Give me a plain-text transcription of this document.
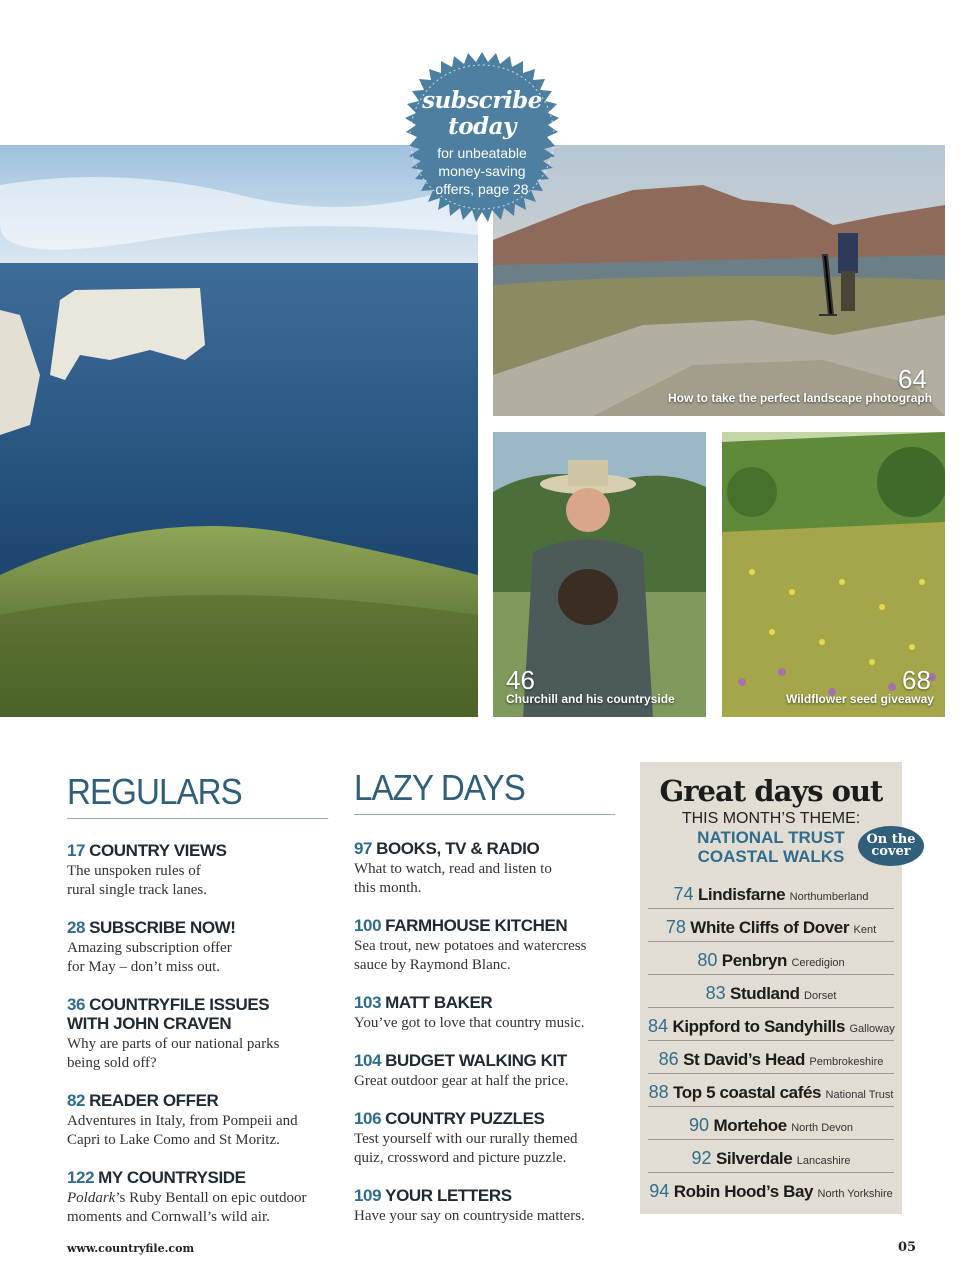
64
How to take the perfect landscape photograph
46
Churchill and his countryside
68
Wildflower seed giveaway
subscribe
today
for unbeatable
money-saving
offers, page 28
REGULARS
17 COUNTRY VIEWS
The unspoken rules of
rural single track lanes.
28 SUBSCRIBE NOW!
Amazing subscription offer
for May – don’t miss out.
36 COUNTRYFILE ISSUES
WITH JOHN CRAVEN
Why are parts of our national parks
being sold off?
82 READER OFFER
Adventures in Italy, from Pompeii and
Capri to Lake Como and St Moritz.
122 MY COUNTRYSIDE
Poldark’s Ruby Bentall on epic outdoor
moments and Cornwall’s wild air.
LAZY DAYS
97 BOOKS, TV & RADIO
What to watch, read and listen to
this month.
100 FARMHOUSE KITCHEN
Sea trout, new potatoes and watercress
sauce by Raymond Blanc.
103 MATT BAKER
You’ve got to love that country music.
104 BUDGET WALKING KIT
Great outdoor gear at half the price.
106 COUNTRY PUZZLES
Test yourself with our rurally themed
quiz, crossword and picture puzzle.
109 YOUR LETTERS
Have your say on countryside matters.
Great days out
THIS MONTH’S THEME:
NATIONAL TRUST
COASTAL WALKS
74 Lindisfarne Northumberland
78 White Cliffs of Dover Kent
80 Penbryn Ceredigion
83 Studland Dorset
84 Kippford to Sandyhills Galloway
86 St David’s Head Pembrokeshire
88 Top 5 coastal cafés National Trust
90 Mortehoe North Devon
92 Silverdale Lancashire
94 Robin Hood’s Bay North Yorkshire
On the
cover
www.countryfile.com	05
